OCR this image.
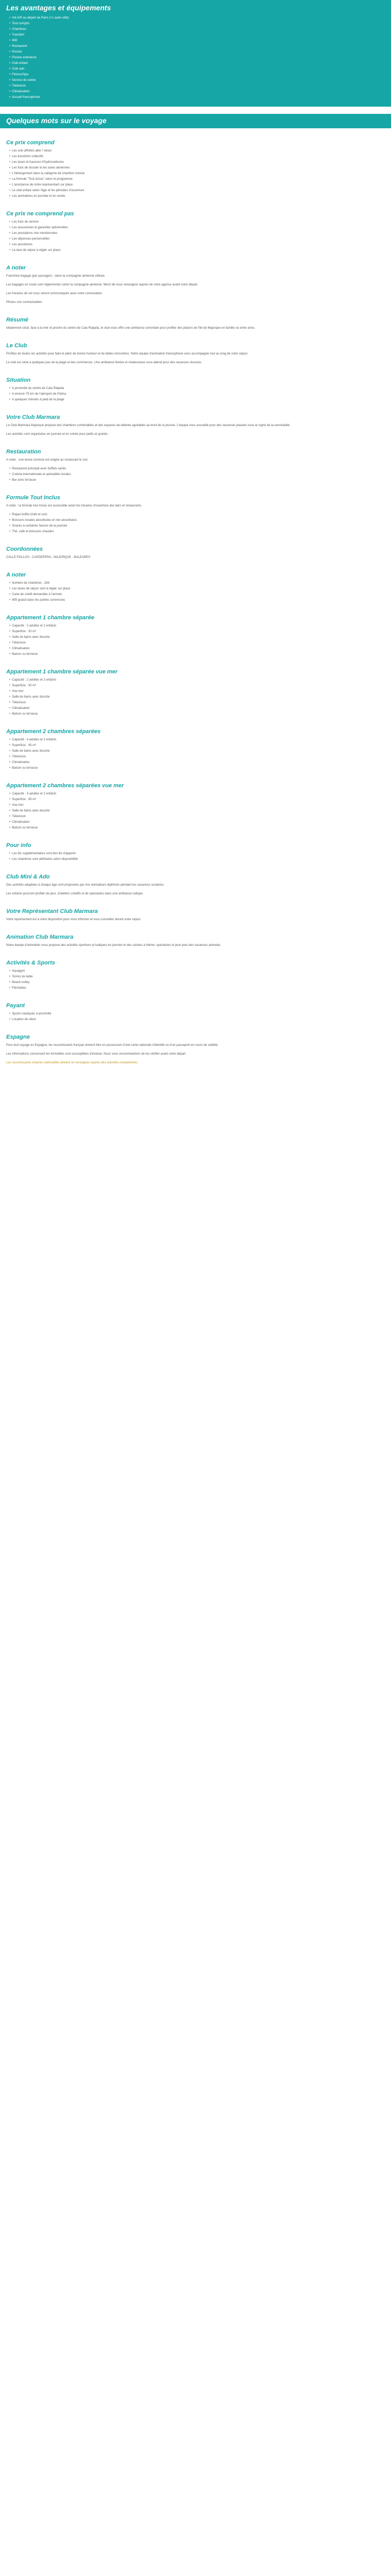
Les avantages et équipements
• Vol A/R au départ de Paris (+1 autre ville)
• Tout compris
• Chambres
• Transfert
• Wifi
• Restaurant
• Piscine
• Piscine extérieure
• Club enfant
• Club ado
• Fitness/Spa
• Service de soirée
• Télévision
• Climatisation
• Accueil francophone
Quelques mots sur le voyage
Ce prix comprend
• Les vols affrétés aller / retour
• Les transferts collectifs
• Les taxes et hausses d'hydrocarbures
• Les frais de dossier et les taxes aériennes
• L'hébergement dans la catégorie de chambre choisie
• La formule "Tout Inclus" selon le programme
• L'assistance de notre représentant sur place
• Le club enfant selon l'âge et les périodes d'ouverture
• Les animations en journée et en soirée
Ce prix ne comprend pas
• Les frais de service
• Les assurances et garanties optionnelles
• Les prestations non mentionnées
• Les dépenses personnelles
• Les pourboires
• La taxe de séjour à régler sur place
A noter

Franchise bagage (par passager) : selon la compagnie aérienne utilisée

Les bagages en soute sont réglementés selon la compagnie aérienne. Merci de vous renseigner auprès de votre agence avant votre départ.

Les horaires de vol vous seront communiqués avec votre convocation.

Photos non contractuelles.

Résumé

Idéalement situé, face à la mer et proche du centre de Cala Ratjada, le club vous offre une ambiance conviviale pour profiter des plaisirs de l'île de Majorque en famille ou entre amis.

Le Club

Profitez de toutes les activités pour faire le plein de bonne humeur et de belles rencontres. Notre équipe d'animation francophone vous accompagne tout au long de votre séjour.

Le club est situé à quelques pas de la plage et des commerces. Une ambiance festive et chaleureuse vous attend pour des vacances réussies.

Situation
• A proximité du centre de Cala Ratjada
• A environ 75 km de l'aéroport de Palma
• A quelques minutes à pied de la plage
Votre Club Marmara

Le Club Marmara Majorque propose des chambres confortables et des espaces de détente agréables au bord de la piscine. L'équipe vous accueille pour des vacances placées sous le signe de la convivialité.

Les activités sont organisées en journée et en soirée pour petits et grands.

Restauration

A noter : une tenue correcte est exigée au restaurant le soir.

• Restaurant principal avec buffets variés
• Cuisine internationale et spécialités locales
• Bar avec terrasse
Formule Tout Inclus

A noter : la formule tout inclus est accessible selon les horaires d'ouverture des bars et restaurants.

• Repas buffet (midi et soir)
• Boissons locales alcoolisées et non alcoolisées
• Snacks à certaines heures de la journée
• Thé, café et boissons chaudes
Coordonnées

CALLE POLLOS - CAPDEPERA - MAJORQUE - BALEARES

A noter
• Nombre de chambres : 264
• Les taxes de séjour sont à régler sur place
• Carte de crédit demandée à l'arrivée
• Wifi gratuit dans les parties communes
Appartement 1 chambre séparée
• Capacité : 2 adultes et 2 enfants
• Superficie : 30 m²
• Salle de bains avec douche
• Télévision
• Climatisation
• Balcon ou terrasse
Appartement 1 chambre séparée vue mer
• Capacité : 2 adultes et 2 enfants
• Superficie : 30 m²
• Vue mer
• Salle de bains avec douche
• Télévision
• Climatisation
• Balcon ou terrasse
Appartement 2 chambres séparées
• Capacité : 4 adultes et 2 enfants
• Superficie : 45 m²
• Salle de bains avec douche
• Télévision
• Climatisation
• Balcon ou terrasse
Appartement 2 chambres séparées vue mer
• Capacité : 4 adultes et 2 enfants
• Superficie : 45 m²
• Vue mer
• Salle de bains avec douche
• Télévision
• Climatisation
• Balcon ou terrasse
Pour info
• Les lits supplémentaires sont des lits d'appoint
• Les chambres sont attribuées selon disponibilité
Club Mini & Ado

Des activités adaptées à chaque âge sont proposées par nos animateurs diplômés pendant les vacances scolaires.

Les enfants pourront profiter de jeux, d'ateliers créatifs et de spectacles dans une ambiance ludique.

Votre Représentant Club Marmara

Votre représentant est à votre disposition pour vous informer et vous conseiller durant votre séjour.

Animation Club Marmara

Notre équipe d'animation vous propose des activités sportives et ludiques en journée et des soirées à thème, spectacles et jeux pour des vacances animées.

Activités & Sports
• Aquagym
• Tennis de table
• Beach-volley
• Fléchettes
Payant
• Sports nautiques à proximité
• Location de vélos
Espagne

Pour tout voyage en Espagne, les ressortissants français doivent être en possession d'une carte nationale d'identité ou d'un passeport en cours de validité.

Les informations concernant les formalités sont susceptibles d'évoluer. Nous vous recommandons de les vérifier avant votre départ.

Les ressortissants d'autres nationalités doivent se renseigner auprès des autorités compétentes.
